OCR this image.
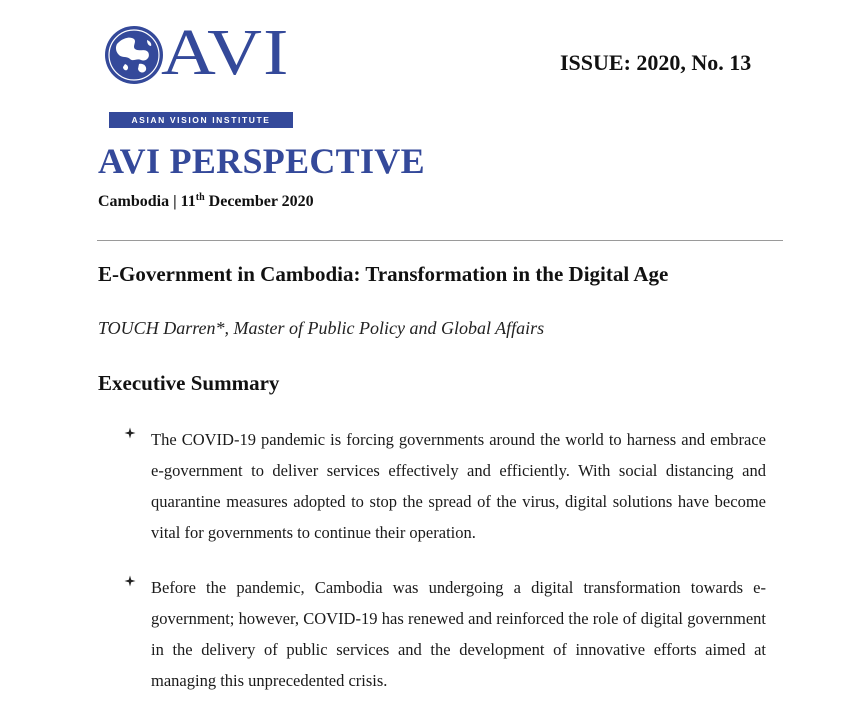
AVI
ASIAN VISION INSTITUTE
ISSUE: 2020, No. 13
AVI PERSPECTIVE
Cambodia | 11th December 2020
E-Government in Cambodia: Transformation in the Digital Age
TOUCH Darren*, Master of Public Policy and Global Affairs
Executive Summary
The COVID-19 pandemic is forcing governments around the world to harness and embrace e-government to deliver services effectively and efficiently. With social distancing and quarantine measures adopted to stop the spread of the virus, digital solutions have become vital for governments to continue their operation.
Before the pandemic, Cambodia was undergoing a digital transformation towards e-government; however, COVID-19 has renewed and reinforced the role of digital government in the delivery of public services and the development of innovative efforts aimed at managing this unprecedented crisis.
